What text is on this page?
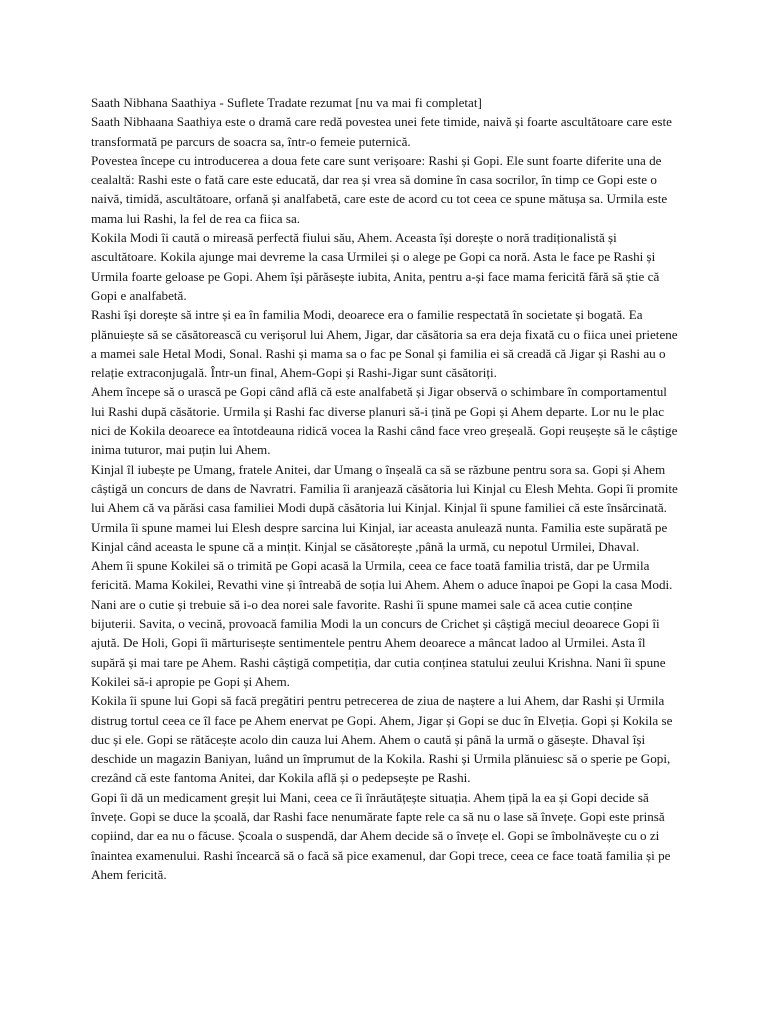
Saath Nibhana Saathiya - Suflete Tradate rezumat [nu va mai fi completat]

Saath Nibhaana Saathiya este o dramă care redă povestea unei fete timide, naivă și foarte ascultătoare care este transformată pe parcurs de soacra sa, într-o femeie puternică.

Povestea începe cu introducerea a doua fete care sunt verișoare: Rashi și Gopi. Ele sunt foarte diferite una de cealaltă: Rashi este o fată care este educată, dar rea și vrea să domine în casa socrilor, în timp ce Gopi este o naivă, timidă, ascultătoare, orfană și analfabetă, care este de acord cu tot ceea ce spune mătușa sa. Urmila este mama lui Rashi, la fel de rea ca fiica sa.

Kokila Modi îi caută o mireasă perfectă fiului său, Ahem. Aceasta își dorește o noră tradiționalistă și ascultătoare. Kokila ajunge mai devreme la casa Urmilei și o alege pe Gopi ca noră. Asta le face pe Rashi și Urmila foarte geloase pe Gopi. Ahem își părăsește iubita, Anita, pentru a-și face mama fericită fără să știe că Gopi e analfabetă.

Rashi își dorește să intre și ea în familia Modi, deoarece era o familie respectată în societate și bogată. Ea plănuiește să se căsătorească cu verișorul lui Ahem, Jigar, dar căsătoria sa era deja fixată cu o fiica unei prietene a mamei sale Hetal Modi, Sonal. Rashi și mama sa o fac pe Sonal și familia ei să creadă că Jigar și Rashi au o relație extraconjugală. Într-un final, Ahem-Gopi și Rashi-Jigar sunt căsătoriți.

Ahem începe să o urască pe Gopi când află că este analfabetă și Jigar observă o schimbare în comportamentul lui Rashi după căsătorie. Urmila și Rashi fac diverse planuri să-i țină pe Gopi și Ahem departe. Lor nu le plac nici de Kokila deoarece ea întotdeauna ridică vocea la Rashi când face vreo greșeală. Gopi reușește să le câștige inima tuturor, mai puțin lui Ahem.

Kinjal îl iubește pe Umang, fratele Anitei, dar Umang o înșeală ca să se răzbune pentru sora sa. Gopi și Ahem câștigă un concurs de dans de Navratri. Familia îi aranjează căsătoria lui Kinjal cu Elesh Mehta. Gopi îi promite lui Ahem că va părăsi casa familiei Modi după căsătoria lui Kinjal. Kinjal îi spune familiei că este însărcinată. Urmila îi spune mamei lui Elesh despre sarcina lui Kinjal, iar aceasta anulează nunta. Familia este supărată pe Kinjal când aceasta le spune că a mințit. Kinjal se căsătorește ,până la urmă, cu nepotul Urmilei, Dhaval.

Ahem îi spune Kokilei să o trimită pe Gopi acasă la Urmila, ceea ce face toată familia tristă, dar pe Urmila fericită. Mama Kokilei, Revathi vine și întreabă de soția lui Ahem. Ahem o aduce înapoi pe Gopi la casa Modi. Nani are o cutie și trebuie să i-o dea norei sale favorite. Rashi îi spune mamei sale că acea cutie conține bijuterii. Savita, o vecină, provoacă familia Modi la un concurs de Crichet și câștigă meciul deoarece Gopi îi ajută. De Holi, Gopi îi mărturisește sentimentele pentru Ahem deoarece a mâncat ladoo al Urmilei. Asta îl supără și mai tare pe Ahem. Rashi câștigă competiția, dar cutia conținea statului zeului Krishna. Nani îi spune Kokilei să-i apropie pe Gopi și Ahem.

Kokila îi spune lui Gopi să facă pregătiri pentru petrecerea de ziua de naștere a lui Ahem, dar Rashi și Urmila distrug tortul ceea ce îl face pe Ahem enervat pe Gopi. Ahem, Jigar și Gopi se duc în Elveția. Gopi și Kokila se duc și ele. Gopi se rătăcește acolo din cauza lui Ahem. Ahem o caută și până la urmă o găsește. Dhaval își deschide un magazin Baniyan, luând un împrumut de la Kokila. Rashi și Urmila plănuiesc să o sperie pe Gopi, crezând că este fantoma Anitei, dar Kokila află și o pedepsește pe Rashi.

Gopi îi dă un medicament greșit lui Mani, ceea ce îi înrăutățește situația. Ahem țipă la ea și Gopi decide să învețe. Gopi se duce la școală, dar Rashi face nenumărate fapte rele ca să nu o lase să învețe. Gopi este prinsă copiind, dar ea nu o făcuse. Școala o suspendă, dar Ahem decide să o învețe el. Gopi se îmbolnăvește cu o zi înaintea examenului. Rashi încearcă să o facă să pice examenul, dar Gopi trece, ceea ce face toată familia și pe Ahem fericită.
